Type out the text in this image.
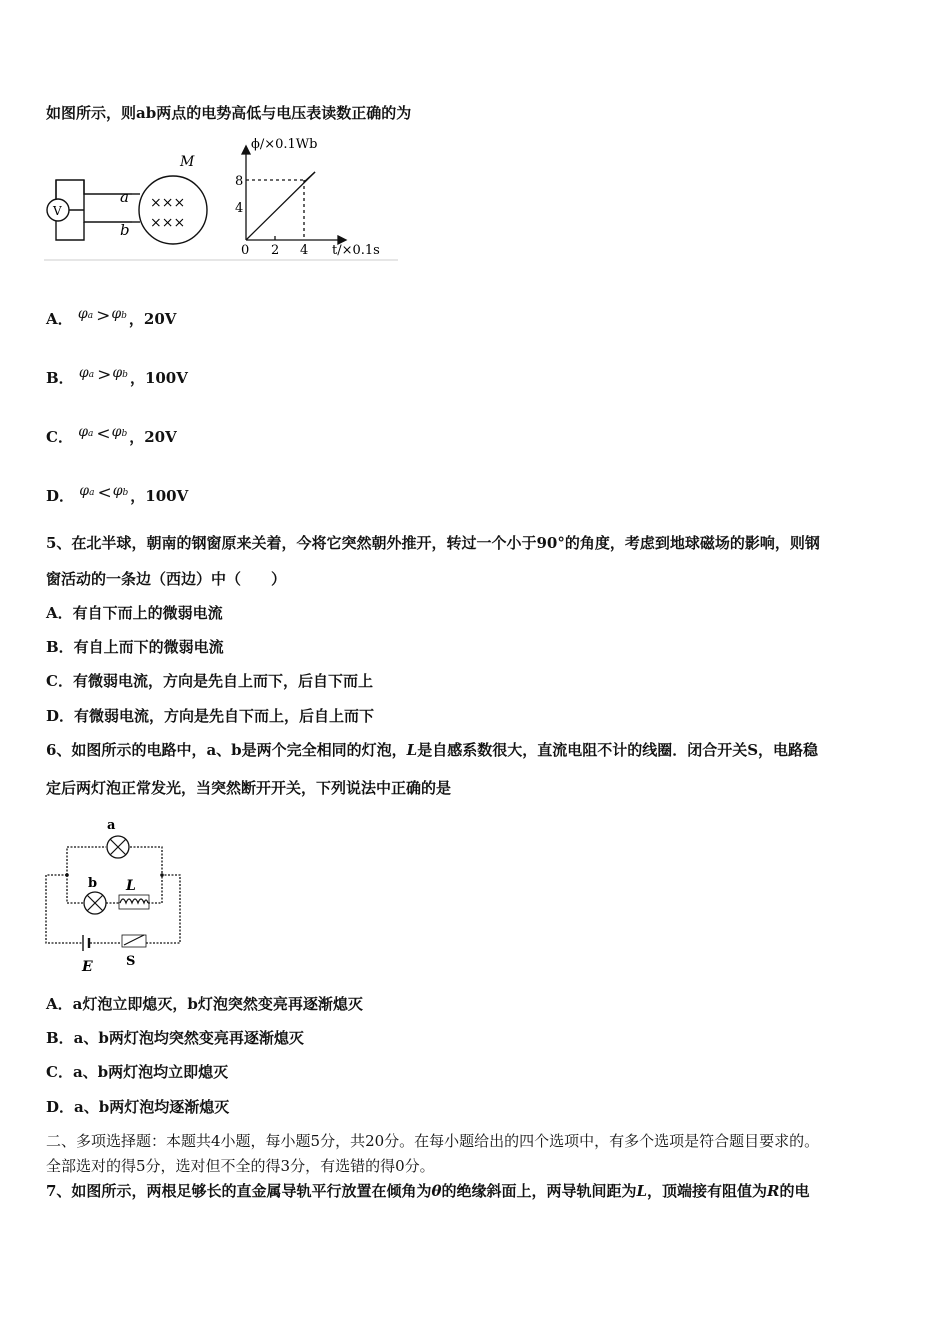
如图所示，则ab两点的电势高低与电压表读数正确的为
V
a
b
M
×××
×××
ϕ/×0.1Wb
t/×0.1s
8
4
0 2 4
A． $\varphi^a >\varphi^b$ ，20V
B． $\varphi^a >\varphi^b$ ，100V
C． $\varphi^a <\varphi^b$ ，20V
D． $\varphi^a <\varphi^b$ ，100V
5、在北半球，朝南的钢窗原来关着，今将它突然朝外推开，转过一个小于90°的角度，考虑到地球磁场的影响，则钢
窗活动的一条边（西边）中（　　）
A．有自下而上的微弱电流
B．有自上而下的微弱电流
C．有微弱电流，方向是先自上而下，后自下而上
D．有微弱电流，方向是先自下而上，后自上而下
6、如图所示的电路中，a、b是两个完全相同的灯泡，L是自感系数很大，直流电阻不计的线圈．闭合开关S，电路稳
定后两灯泡正常发光，当突然断开开关，下列说法中正确的是
a
b L
E	S
A．a灯泡立即熄灭，b灯泡突然变亮再逐渐熄灭
B．a、b两灯泡均突然变亮再逐渐熄灭
C．a、b两灯泡均立即熄灭
D．a、b两灯泡均逐渐熄灭
二、多项选择题：本题共4小题，每小题5分，共20分。在每小题给出的四个选项中，有多个选项是符合题目要求的。
全部选对的得5分，选对但不全的得3分，有选错的得0分。
7、如图所示，两根足够长的直金属导轨平行放置在倾角为θ的绝缘斜面上，两导轨间距为L，顶端接有阻值为R的电
